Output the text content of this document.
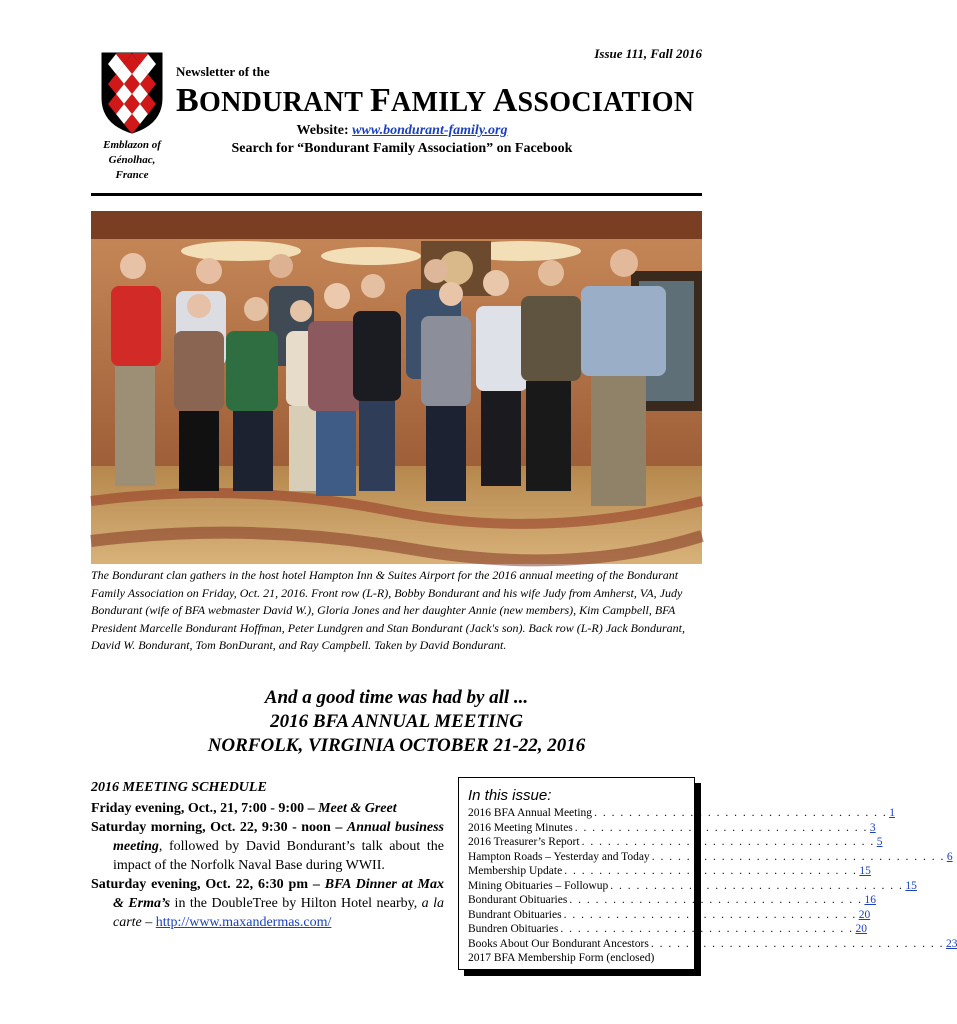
Issue 111, Fall 2016
Emblazon of
Génolhac,
France
Newsletter of the
BONDURANT FAMILY ASSOCIATION
Website: www.bondurant-family.org
Search for “Bondurant Family Association” on Facebook
The Bondurant clan gathers in the host hotel Hampton Inn & Suites Airport for the 2016 annual meeting of the Bondurant Family Association on Friday, Oct. 21, 2016. Front row (L-R), Bobby Bondurant and his wife Judy from Amherst, VA, Judy Bondurant (wife of BFA webmaster David W.), Gloria Jones and her daughter Annie (new members), Kim Campbell, BFA President Marcelle Bondurant Hoffman, Peter Lundgren and Stan Bondurant (Jack's son). Back row (L-R) Jack Bondurant, David W. Bondurant, Tom BonDurant, and Ray Campbell. Taken by David Bondurant.
And a good time was had by all ...
2016 BFA ANNUAL MEETING
NORFOLK, VIRGINIA OCTOBER 21-22, 2016
2016 MEETING SCHEDULE
Friday evening, Oct., 21, 7:00 - 9:00 – Meet & Greet
Saturday morning, Oct. 22, 9:30 - noon – Annual business meeting, followed by David Bondurant’s talk about the impact of the Norfolk Naval Base during WWII.
Saturday evening, Oct. 22, 6:30 pm – BFA Dinner at Max & Erma’s in the DoubleTree by Hilton Hotel nearby, a la carte – http://www.maxandermas.com/
In this issue:
2016 BFA Annual Meeting . . . . . . . . . . . . . . . . . . . . . . . . . . . . . . . . . . 1
2016 Meeting Minutes . . . . . . . . . . . . . . . . . . . . . . . . . . . . . . . . . . 3
2016 Treasurer’s Report . . . . . . . . . . . . . . . . . . . . . . . . . . . . . . . . . . 5
Hampton Roads – Yesterday and Today . . . . . . . . . . . . . . . . . . . . . . . . . . . . . . . . . . 6
Membership Update . . . . . . . . . . . . . . . . . . . . . . . . . . . . . . . . . . 15
Mining Obituaries – Followup . . . . . . . . . . . . . . . . . . . . . . . . . . . . . . . . . . 15
Bondurant Obituaries . . . . . . . . . . . . . . . . . . . . . . . . . . . . . . . . . . 16
Bundrant Obituaries . . . . . . . . . . . . . . . . . . . . . . . . . . . . . . . . . . 20
Bundren Obituaries . . . . . . . . . . . . . . . . . . . . . . . . . . . . . . . . . . 20
Books About Our Bondurant Ancestors . . . . . . . . . . . . . . . . . . . . . . . . . . . . . . . . . . 23
2017 BFA Membership Form (enclosed)
